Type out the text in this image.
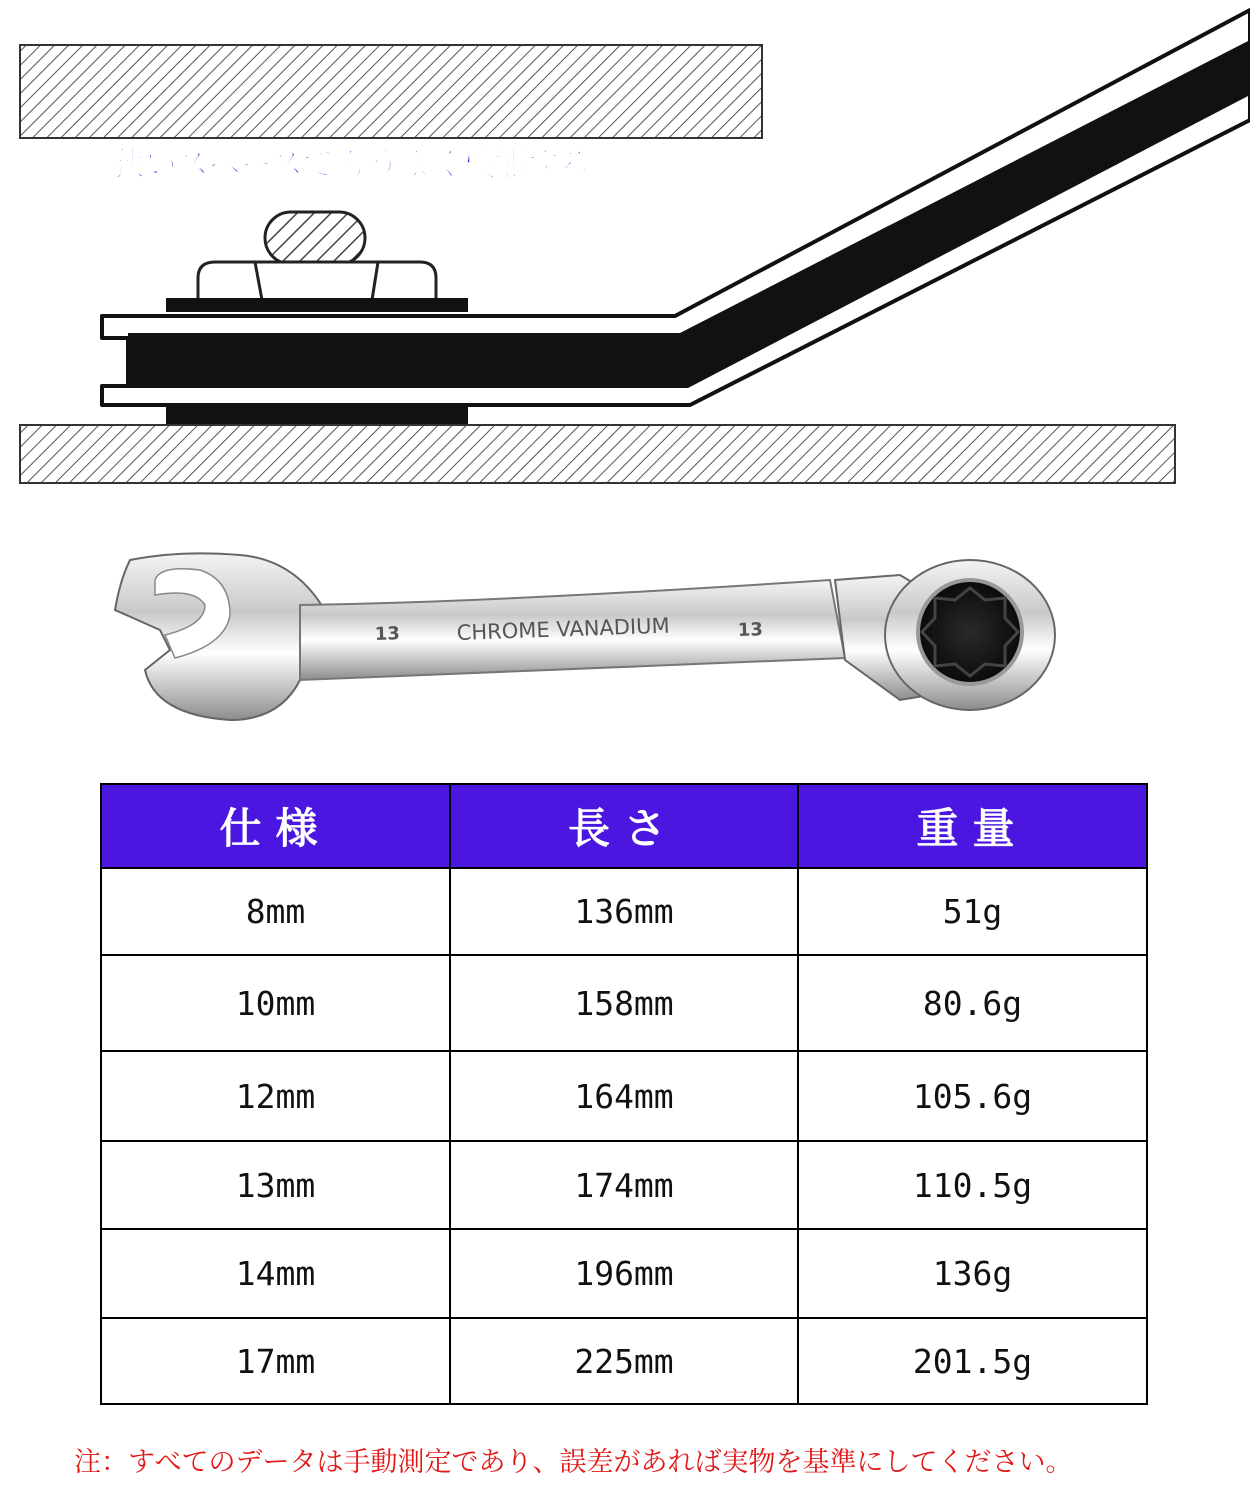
狭いスペースでもうまく機能する。
13	CHROME VANADIUM	13
仕様	長さ	重量
8mm	136mm	51g
10mm	158mm	80.6g
12mm	164mm	105.6g
13mm	174mm	110.5g
14mm	196mm	136g
17mm	225mm	201.5g
注：すべてのデータは手動測定であり、誤差があれば実物を基準にしてください。
